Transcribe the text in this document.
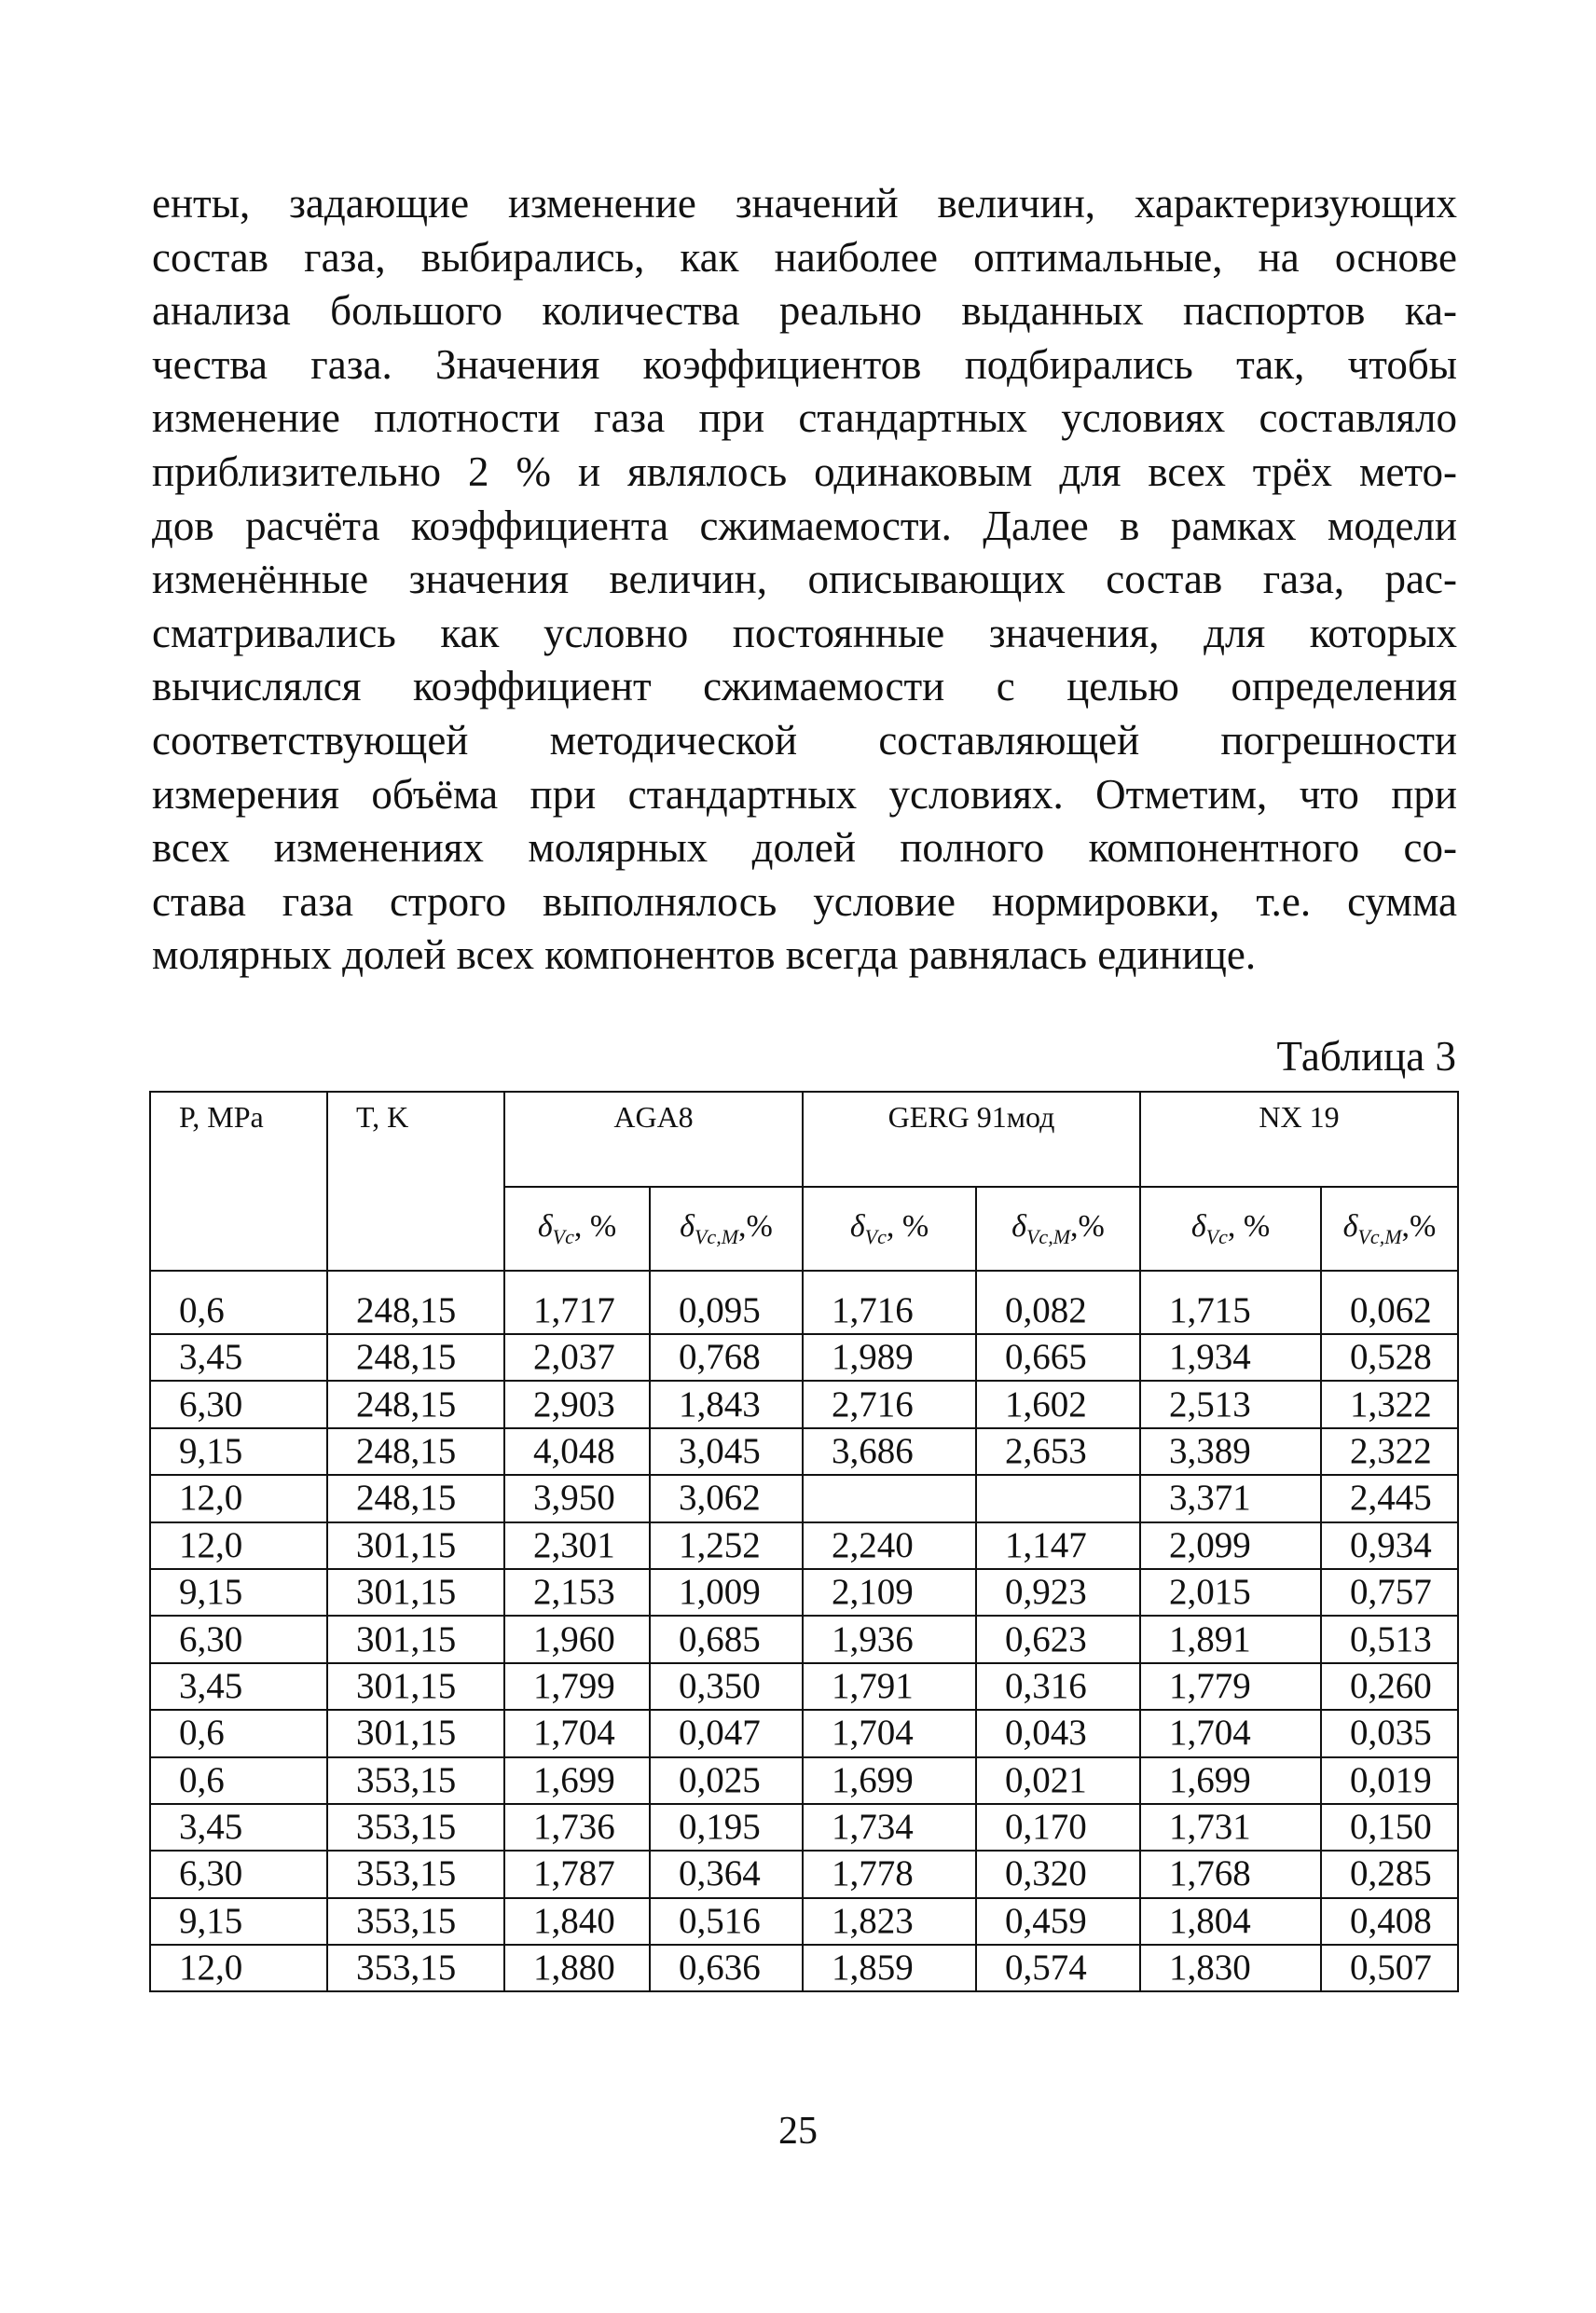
енты, задающие изменение значений величин, характеризующих
состав газа, выбирались, как наиболее оптимальные, на основе
анализа большого количества реально выданных паспортов ка-
чества газа. Значения коэффициентов подбирались так, чтобы
изменение плотности газа при стандартных условиях составляло
приблизительно 2 % и являлось одинаковым для всех трёх мето-
дов расчёта коэффициента сжимаемости. Далее в рамках модели
изменённые значения величин, описывающих состав газа, рас-
сматривались как условно постоянные значения, для которых
вычислялся коэффициент сжимаемости с целью определения
соответствующей методической составляющей погрешности
измерения объёма при стандартных условиях. Отметим, что при
всех изменениях молярных долей полного компонентного со-
става газа строго выполнялось условие нормировки, т.е. сумма
молярных долей всех компонентов всегда равнялась единице.
Таблица 3
P, MPa	T, K	AGA8		GERG 91мод		NX 19	
		$\delta_{Vc}$, %	$\delta_{Vc,M},\%$	$\delta_{Vc}$, %	$\delta_{Vc,M},\%$	$\delta_{Vc}$, %	$\delta_{Vc,M},\%$
0,6	248,15	1,717	0,095	1,716	0,082	1,715	0,062
3,45	248,15	2,037	0,768	1,989	0,665	1,934	0,528
6,30	248,15	2,903	1,843	2,716	1,602	2,513	1,322
9,15	248,15	4,048	3,045	3,686	2,653	3,389	2,322
12,0	248,15	3,950	3,062			3,371	2,445
12,0	301,15	2,301	1,252	2,240	1,147	2,099	0,934
9,15	301,15	2,153	1,009	2,109	0,923	2,015	0,757
6,30	301,15	1,960	0,685	1,936	0,623	1,891	0,513
3,45	301,15	1,799	0,350	1,791	0,316	1,779	0,260
0,6	301,15	1,704	0,047	1,704	0,043	1,704	0,035
0,6	353,15	1,699	0,025	1,699	0,021	1,699	0,019
3,45	353,15	1,736	0,195	1,734	0,170	1,731	0,150
6,30	353,15	1,787	0,364	1,778	0,320	1,768	0,285
9,15	353,15	1,840	0,516	1,823	0,459	1,804	0,408
12,0	353,15	1,880	0,636	1,859	0,574	1,830	0,507
25
